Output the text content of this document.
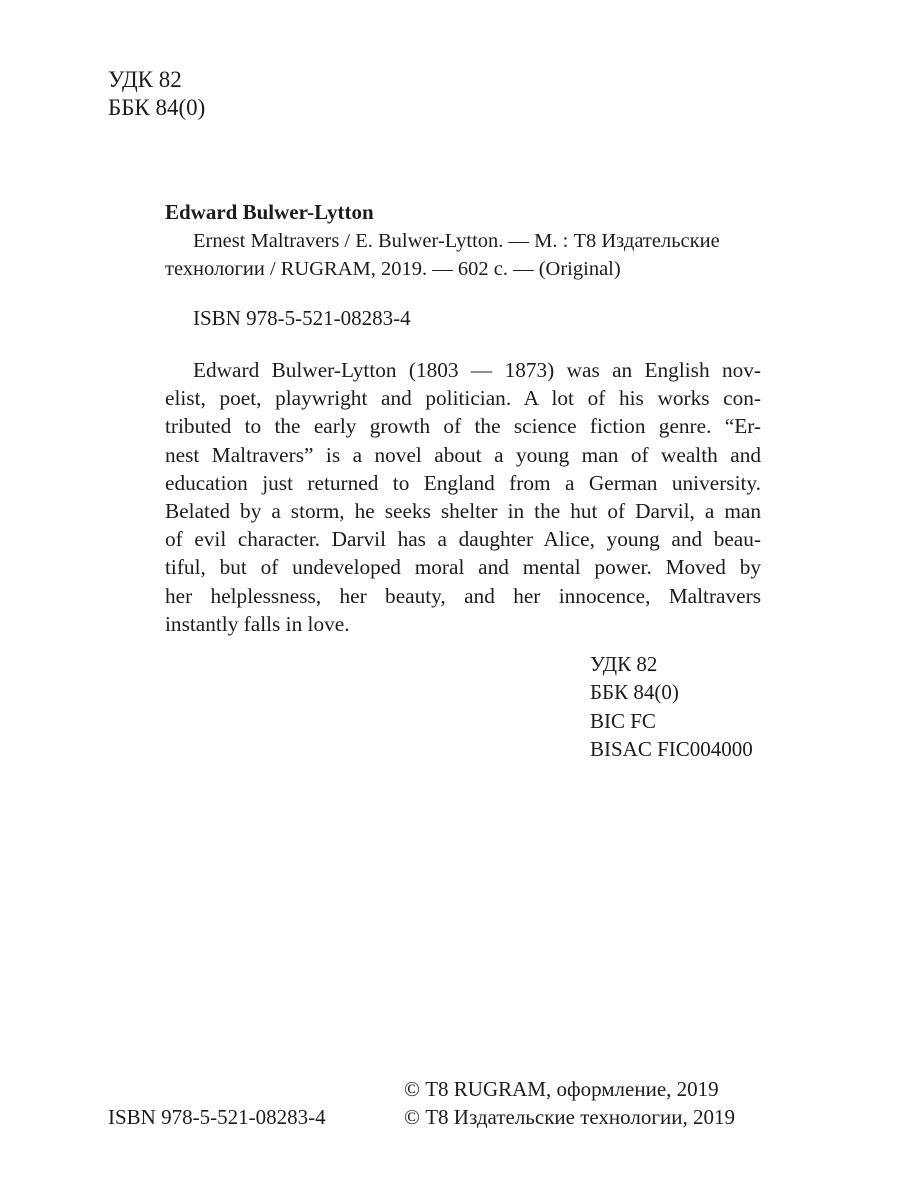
УДК 82
ББК 84(0)
Edward Bulwer-Lytton
Ernest Maltravers / E. Bulwer-Lytton. — М. : Т8 Издательские
технологии / RUGRAM, 2019. — 602 с. — (Original)
ISBN 978-5-521-08283-4
Edward Bulwer-Lytton (1803 — 1873) was an English nov-
elist, poet, playwright and politician. A lot of his works con-
tributed to the early growth of the science fiction genre. “Er-
nest Maltravers” is a novel about a young man of wealth and
education just returned to England from a German university.
Belated by a storm, he seeks shelter in the hut of Darvil, a man
of evil character. Darvil has a daughter Alice, young and beau-
tiful, but of undeveloped moral and mental power. Moved by
her helplessness, her beauty, and her innocence, Maltravers
instantly falls in love.
УДК 82
ББК 84(0)
BIC FC
BISAC FIC004000
ISBN 978-5-521-08283-4
© Т8 RUGRAM, оформление, 2019
© Т8 Издательские технологии, 2019
